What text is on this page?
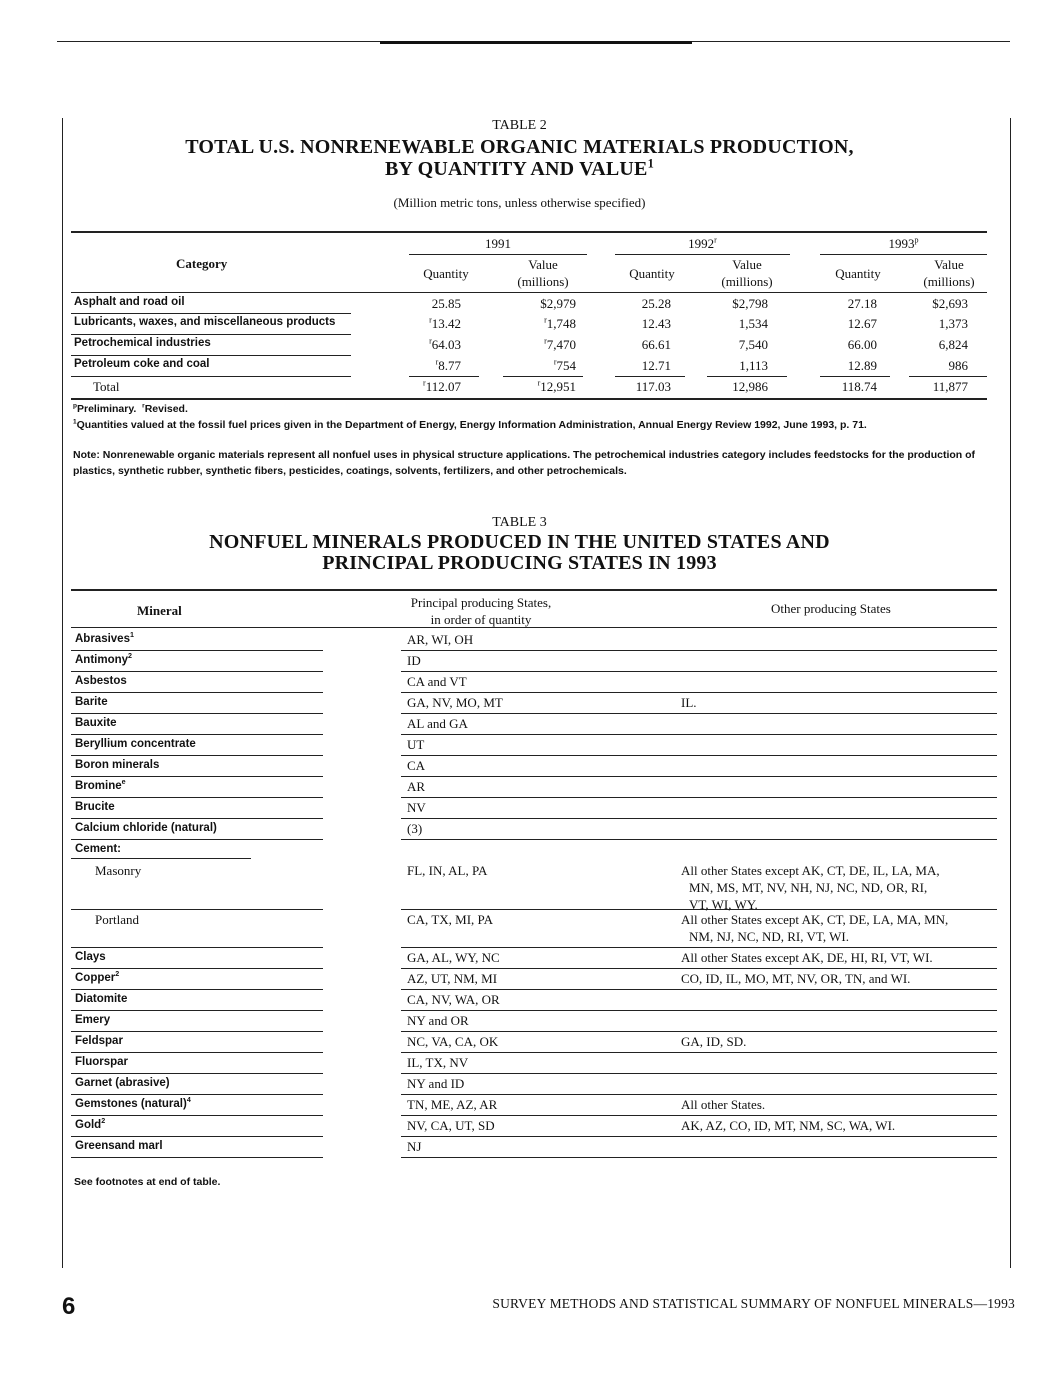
TABLE 2
TOTAL U.S. NONRENEWABLE ORGANIC MATERIALS PRODUCTION,
BY QUANTITY AND VALUE$^1$
(Million metric tons, unless otherwise specified)
Category
1991	1992$^r$	1993$^p$
Quantity
Value
(millions)
Quantity
Value
(millions)
Quantity
Value
(millions)
Asphalt and road oil	25.85	$2,979	25.28	$2,798	27.18	$2,693
Lubricants, waxes, and miscellaneous products	$^r$13.42	$^r$1,748	12.43	1,534	12.67	1,373
Petrochemical industries	$^r$64.03	$^r$7,470	66.61	7,540	66.00	6,824
Petroleum coke and coal	$^r$8.77	$^r$754	12.71	1,113	12.89	986
Total	$^r$112.07	$^r$12,951	117.03	12,986	118.74	11,877
$^p$Preliminary. $^r$Revised.
$^1$Quantities valued at the fossil fuel prices given in the Department of Energy, Energy Information Administration, Annual Energy Review 1992, June 1993, p. 71.
Note: Nonrenewable organic materials represent all nonfuel uses in physical structure applications. The petrochemical industries category includes feedstocks for the production of plastics, synthetic rubber, synthetic fibers, pesticides, coatings, solvents, fertilizers, and other petrochemicals.
TABLE 3
NONFUEL MINERALS PRODUCED IN THE UNITED STATES AND
PRINCIPAL PRODUCING STATES IN 1993
Mineral
Principal producing States,
in order of quantity
Other producing States
Abrasives$^1$	AR, WI, OH
Antimony$^2$	ID
Asbestos	CA and VT
Barite	GA, NV, MO, MT	IL.
Bauxite	AL and GA
Beryllium concentrate	UT
Boron minerals	CA
Bromine$^e$	AR
Brucite	NV
Calcium chloride (natural)	(3)
Cement:
Masonry	FL, IN, AL, PA	All other States except AK, CT, DE, IL, LA, MA,
MN, MS, MT, NV, NH, NJ, NC, ND, OR, RI,
VT, WI, WY.
Portland	CA, TX, MI, PA	All other States except AK, CT, DE, LA, MA, MN,
NM, NJ, NC, ND, RI, VT, WI.
Clays	GA, AL, WY, NC	All other States except AK, DE, HI, RI, VT, WI.
Copper$^2$	AZ, UT, NM, MI	CO, ID, IL, MO, MT, NV, OR, TN, and WI.
Diatomite	CA, NV, WA, OR
Emery	NY and OR
Feldspar	NC, VA, CA, OK	GA, ID, SD.
Fluorspar	IL, TX, NV
Garnet (abrasive)	NY and ID
Gemstones (natural)$^4$	TN, ME, AZ, AR	All other States.
Gold$^2$	NV, CA, UT, SD	AK, AZ, CO, ID, MT, NM, SC, WA, WI.
Greensand marl	NJ
See footnotes at end of table.
6	SURVEY METHODS AND STATISTICAL SUMMARY OF NONFUEL MINERALS—1993
